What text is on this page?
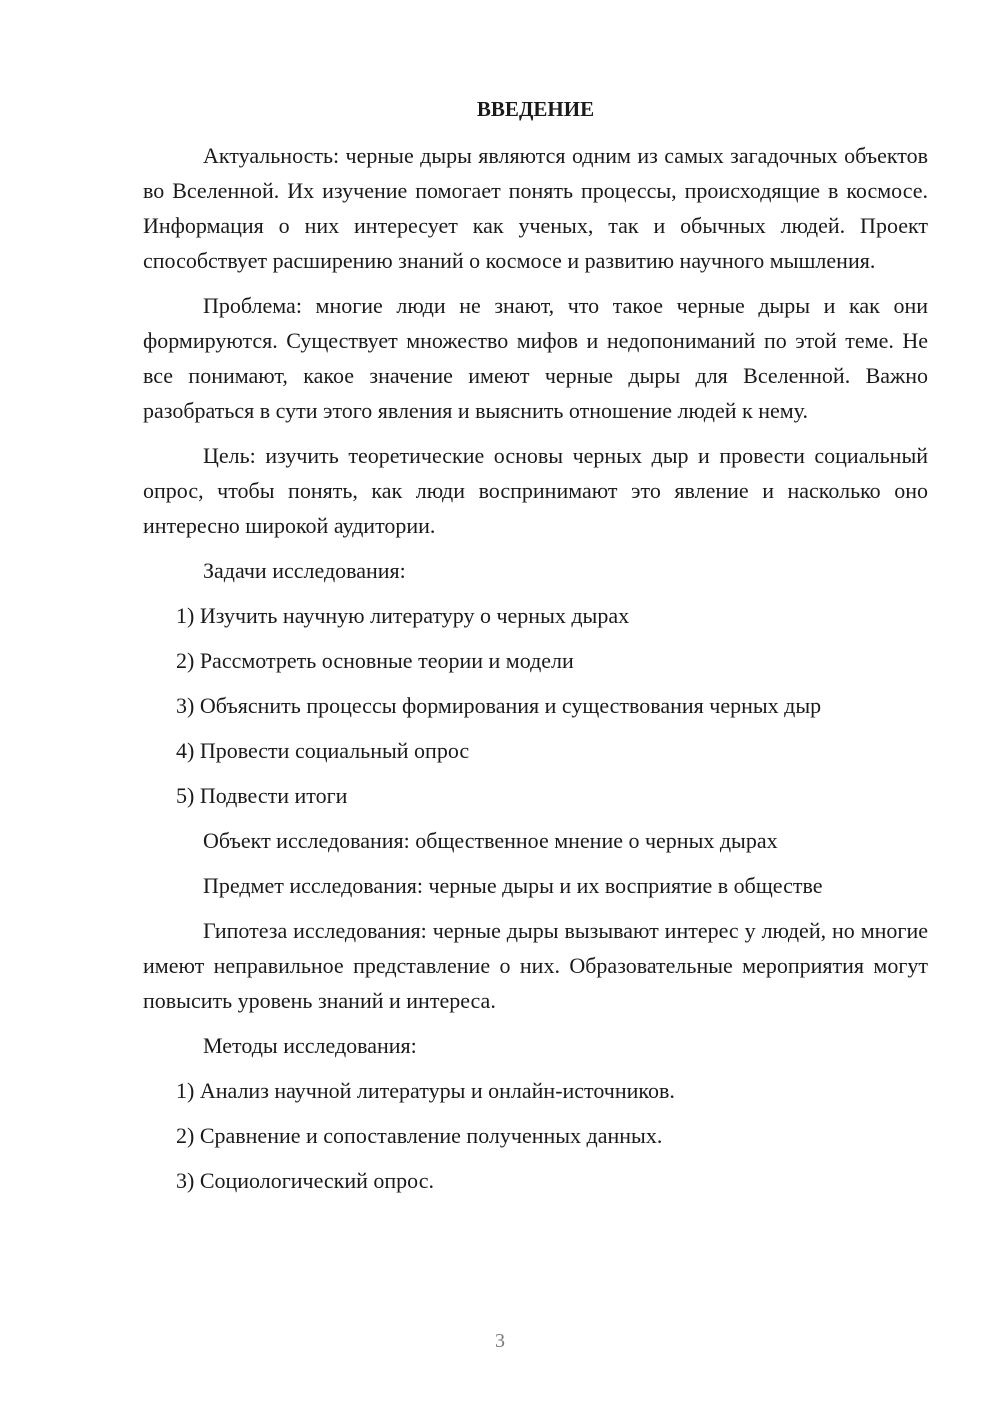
ВВЕДЕНИЕ

Актуальность: черные дыры являются одним из самых загадочных объектов во Вселенной. Их изучение помогает понять процессы, происходящие в космосе. Информация о них интересует как ученых, так и обычных людей. Проект способствует расширению знаний о космосе и развитию научного мышления.

Проблема: многие люди не знают, что такое черные дыры и как они формируются. Существует множество мифов и недопониманий по этой теме. Не все понимают, какое значение имеют черные дыры для Вселенной. Важно разобраться в сути этого явления и выяснить отношение людей к нему.

Цель: изучить теоретические основы черных дыр и провести социальный опрос, чтобы понять, как люди воспринимают это явление и насколько оно интересно широкой аудитории.

Задачи исследования:

1) Изучить научную литературу о черных дырах

2) Рассмотреть основные теории и модели

3) Объяснить процессы формирования и существования черных дыр

4) Провести социальный опрос

5) Подвести итоги

Объект исследования: общественное мнение о черных дырах

Предмет исследования: черные дыры и их восприятие в обществе

Гипотеза исследования: черные дыры вызывают интерес у людей, но многие имеют неправильное представление о них. Образовательные мероприятия могут повысить уровень знаний и интереса.

Методы исследования:

1) Анализ научной литературы и онлайн-источников.

2) Сравнение и сопоставление полученных данных.

3) Социологический опрос.

3
